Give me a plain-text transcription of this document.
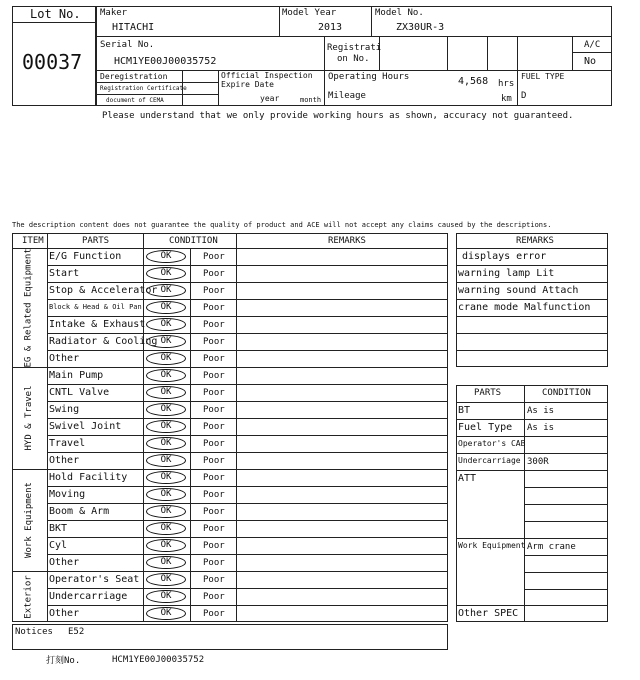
Lot No.
00037
Maker
HITACHI
Model Year
2013
Model No.
ZX30UR-3
Serial No.
HCM1YE00J00035752
Registrati
on No.
A/C
No
Deregistration
Registration Certificate
document of CEMA
Official Inspection
Expire Date
year	month
Operating Hours	4,568 hrs
Mileage	km
FUEL TYPE
D
Please understand that we only provide working hours as shown, accuracy not guaranteed.
The description content does not guarantee the quality of product and ACE will not accept any claims caused by the descriptions.
ITEM	PARTS	CONDITION	REMARKS
E/G Function	OK	Poor
Start	OK	Poor
Stop & Accelerator OK	Poor
Block & Head & Oil Pan	OK	Poor
Intake & Exhaust	OK	Poor
Radiator & Cooling OK	Poor
Other	OK	Poor
EG & Related Equipment
Main Pump	OK	Poor
CNTL Valve	OK	Poor
Swing	OK	Poor
Swivel Joint	OK	Poor
Travel	OK	Poor
Other	OK	Poor
HYD & Travel
Hold Facility	OK	Poor
Moving	OK	Poor
Boom & Arm	OK	Poor
BKT	OK	Poor
Cyl	OK	Poor
Other	OK	Poor
Work Equipment
Operator's Seat	OK	Poor
Undercarriage	OK	Poor
Other	OK	Poor
Exterior
REMARKS
displays error
warning lamp Lit
warning sound Attach
crane mode Malfunction
PARTS	CONDITION
BT	As is
Fuel Type As is
Operator's CAB
Undercarriage 300R
ATT
Work Equipment Arm crane
Other SPEC
Notices E52
打刻No.	HCM1YE00J00035752
